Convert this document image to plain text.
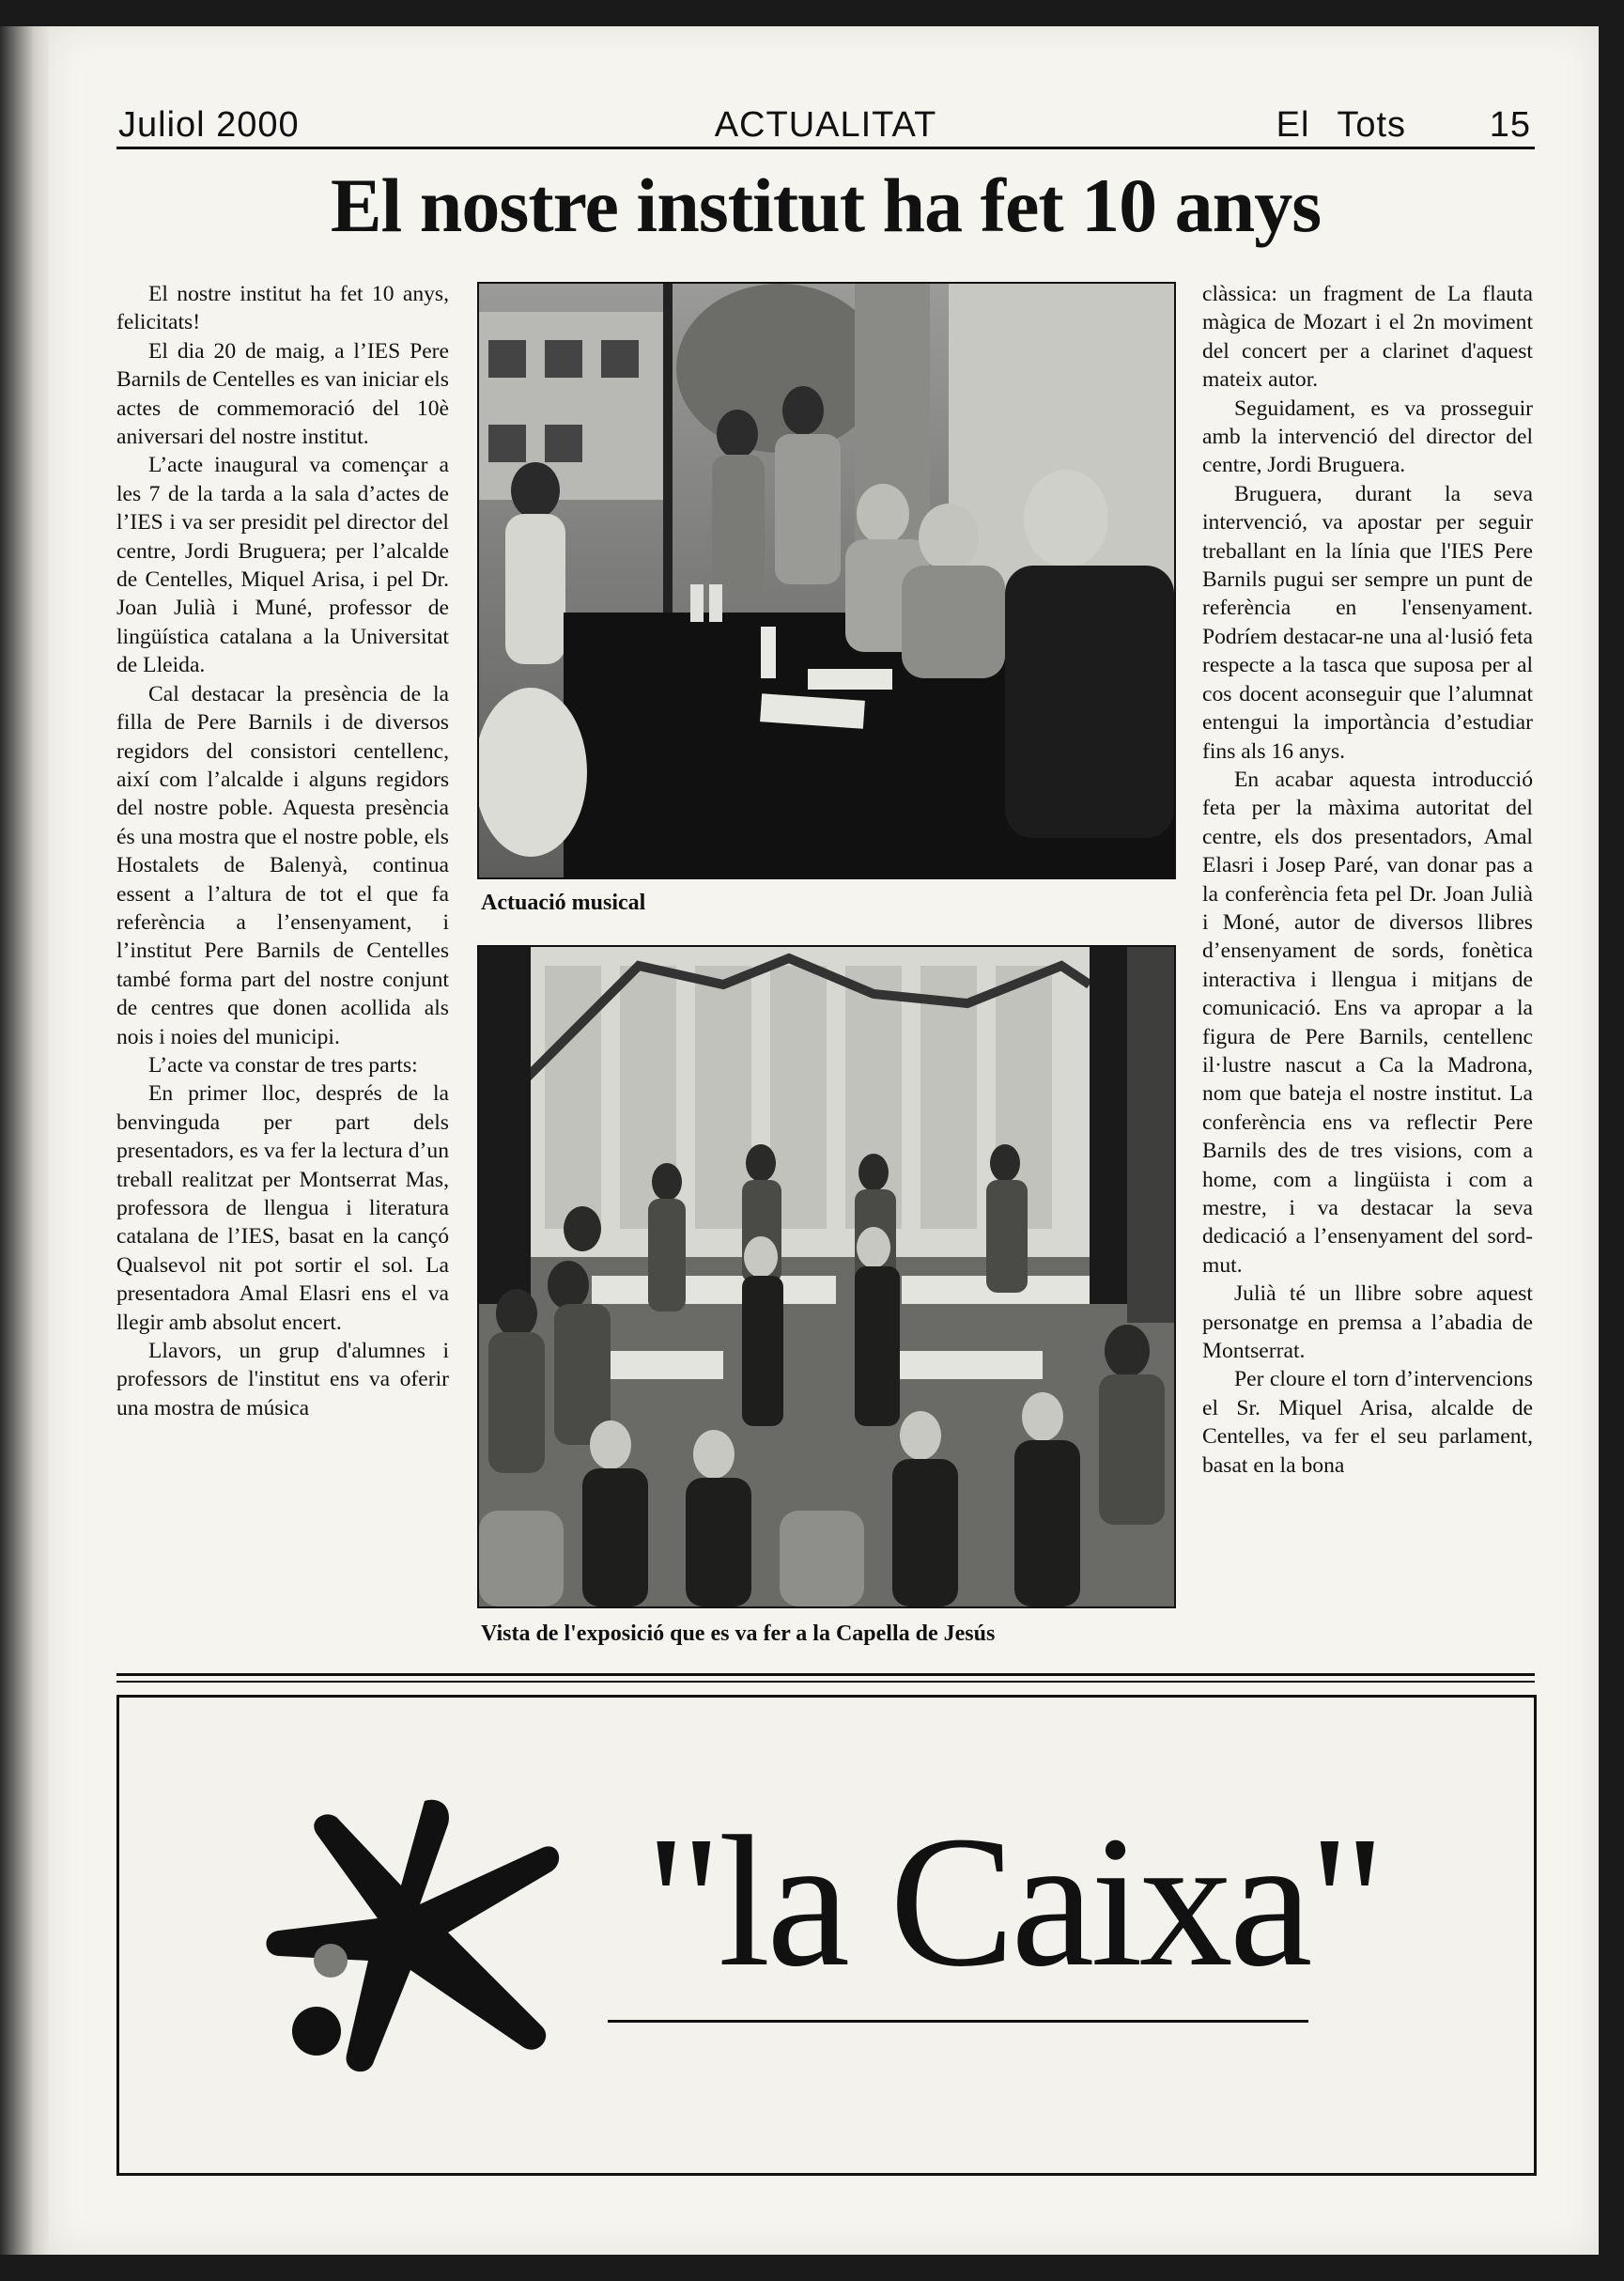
Juliol 2000	ACTUALITAT	El Tots 15
El nostre institut ha fet 10 anys

El nostre institut ha fet 10 anys, felicitats!

El dia 20 de maig, a l’IES Pere Barnils de Centelles es van iniciar els actes de commemoració del 10è aniversari del nostre institut.

L’acte inaugural va començar a les 7 de la tarda a la sala d’actes de l’IES i va ser presidit pel director del centre, Jordi Bruguera; per l’alcalde de Centelles, Miquel Arisa, i pel Dr. Joan Julià i Muné, professor de lingüística catalana a la Universitat de Lleida.

Cal destacar la presència de la filla de Pere Barnils i de diversos regidors del consistori centellenc, així com l’alcalde i alguns regidors del nostre poble. Aquesta presència és una mostra que el nostre poble, els Hostalets de Balenyà, continua essent a l’altura de tot el que fa referència a l’ensenyament, i l’institut Pere Barnils de Centelles també forma part del nostre conjunt de centres que donen acollida als nois i noies del municipi.

L’acte va constar de tres parts:

En primer lloc, després de la benvinguda per part dels presentadors, es va fer la lectura d’un treball realitzat per Montserrat Mas, professora de llengua i literatura catalana de l’IES, basat en la cançó Qualsevol nit pot sortir el sol. La presentadora Amal Elasri ens el va llegir amb absolut encert.

Llavors, un grup d'alumnes i professors de l'institut ens va oferir una mostra de música

Actuació musical
Vista de l'exposició que es va fer a la Capella de Jesús

clàssica: un fragment de La flauta màgica de Mozart i el 2n moviment del concert per a clarinet d'aquest mateix autor.

Seguidament, es va prosseguir amb la intervenció del director del centre, Jordi Bruguera.

Bruguera, durant la seva intervenció, va apostar per seguir treballant en la línia que l'IES Pere Barnils pugui ser sempre un punt de referència en l'ensenyament. Podríem destacar-ne una al·lusió feta respecte a la tasca que suposa per al cos docent aconseguir que l’alumnat entengui la importància d’estudiar fins als 16 anys.

En acabar aquesta introducció feta per la màxima autoritat del centre, els dos presentadors, Amal Elasri i Josep Paré, van donar pas a la conferència feta pel Dr. Joan Julià i Moné, autor de diversos llibres d’ensenyament de sords, fonètica interactiva i llengua i mitjans de comunicació. Ens va apropar a la figura de Pere Barnils, centellenc il·lustre nascut a Ca la Madrona, nom que bateja el nostre institut. La conferència ens va reflectir Pere Barnils des de tres visions, com a home, com a lingüista i com a mestre, i va destacar la seva dedicació a l’ensenyament del sord-mut.

Julià té un llibre sobre aquest personatge en premsa a l’abadia de Montserrat.

Per cloure el torn d’intervencions el Sr. Miquel Arisa, alcalde de Centelles, va fer el seu parlament, basat en la bona

"la Caixa"
